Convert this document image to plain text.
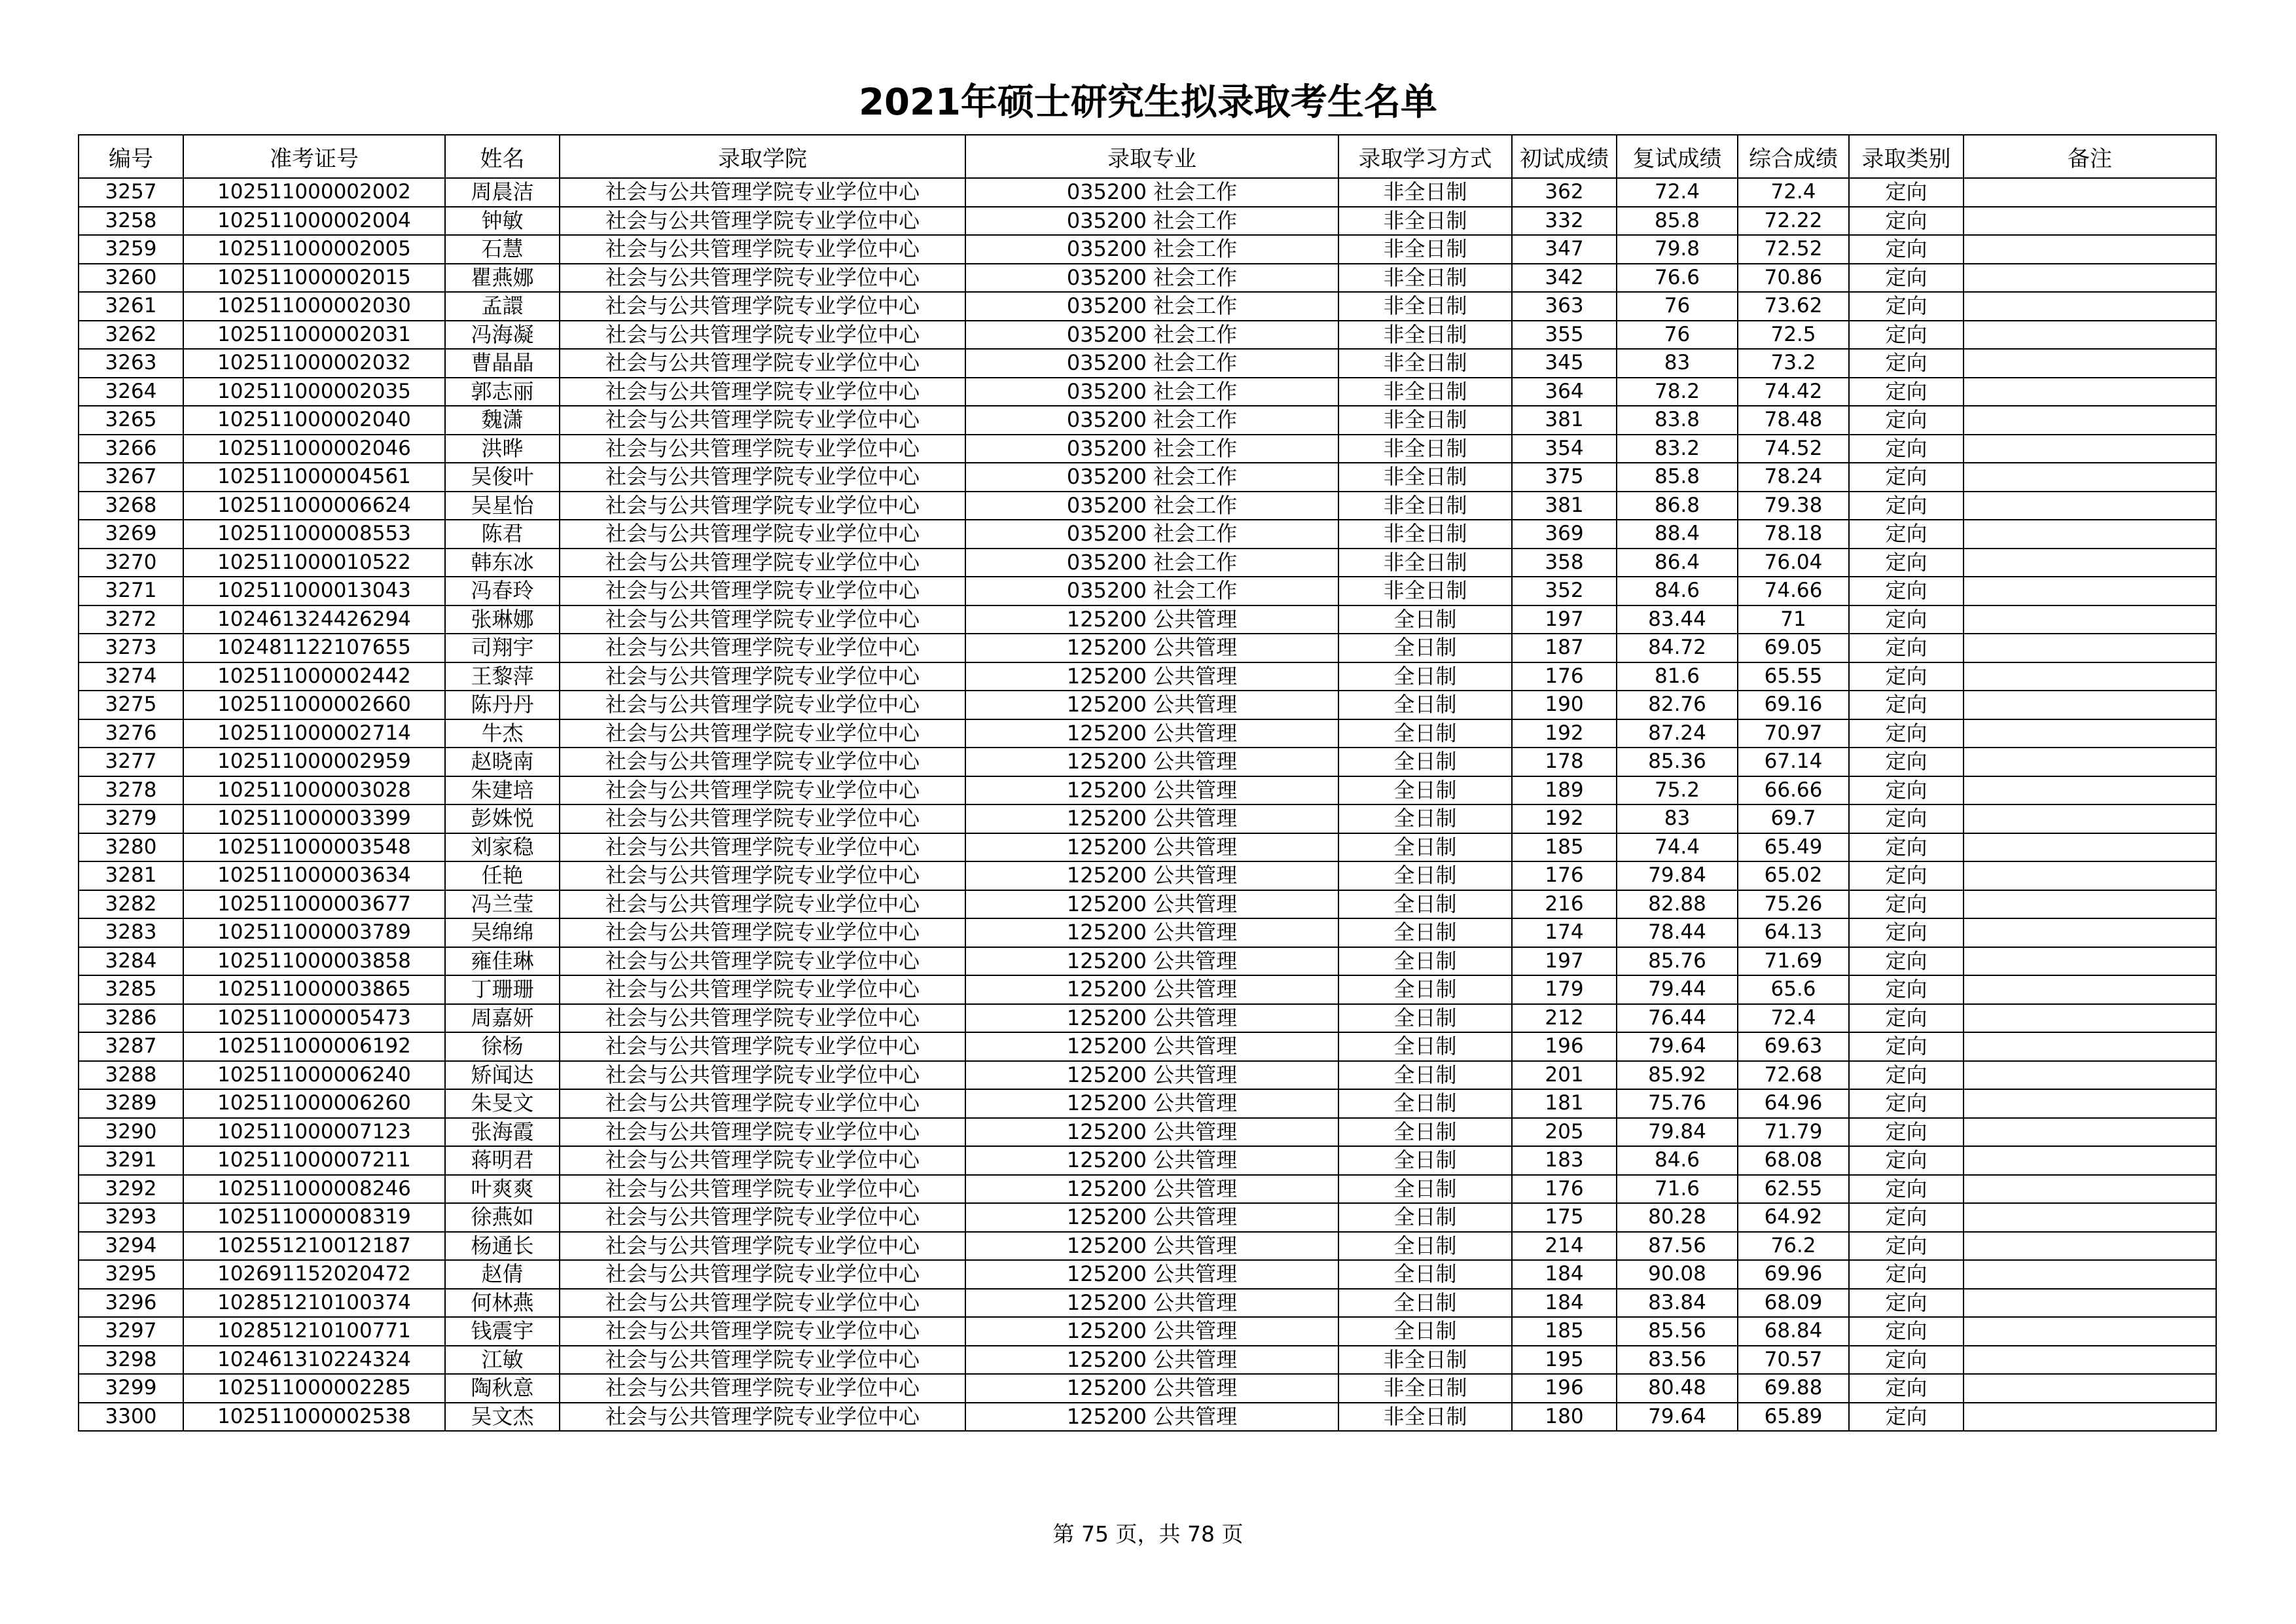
2021年硕士研究生拟录取考生名单
编号	准考证号	姓名	录取学院	录取专业	录取学习方式	初试成绩	复试成绩	综合成绩	录取类别	备注
3257	102511000002002	周晨洁	社会与公共管理学院专业学位中心	035200 社会工作	非全日制	362	72.4	72.4	定向	
3258	102511000002004	钟敏	社会与公共管理学院专业学位中心	035200 社会工作	非全日制	332	85.8	72.22	定向	
3259	102511000002005	石慧	社会与公共管理学院专业学位中心	035200 社会工作	非全日制	347	79.8	72.52	定向	
3260	102511000002015	瞿燕娜	社会与公共管理学院专业学位中心	035200 社会工作	非全日制	342	76.6	70.86	定向	
3261	102511000002030	孟譞	社会与公共管理学院专业学位中心	035200 社会工作	非全日制	363	76	73.62	定向	
3262	102511000002031	冯海凝	社会与公共管理学院专业学位中心	035200 社会工作	非全日制	355	76	72.5	定向	
3263	102511000002032	曹晶晶	社会与公共管理学院专业学位中心	035200 社会工作	非全日制	345	83	73.2	定向	
3264	102511000002035	郭志丽	社会与公共管理学院专业学位中心	035200 社会工作	非全日制	364	78.2	74.42	定向	
3265	102511000002040	魏潇	社会与公共管理学院专业学位中心	035200 社会工作	非全日制	381	83.8	78.48	定向	
3266	102511000002046	洪晔	社会与公共管理学院专业学位中心	035200 社会工作	非全日制	354	83.2	74.52	定向	
3267	102511000004561	吴俊叶	社会与公共管理学院专业学位中心	035200 社会工作	非全日制	375	85.8	78.24	定向	
3268	102511000006624	吴星怡	社会与公共管理学院专业学位中心	035200 社会工作	非全日制	381	86.8	79.38	定向	
3269	102511000008553	陈君	社会与公共管理学院专业学位中心	035200 社会工作	非全日制	369	88.4	78.18	定向	
3270	102511000010522	韩东冰	社会与公共管理学院专业学位中心	035200 社会工作	非全日制	358	86.4	76.04	定向	
3271	102511000013043	冯春玲	社会与公共管理学院专业学位中心	035200 社会工作	非全日制	352	84.6	74.66	定向	
3272	102461324426294	张琳娜	社会与公共管理学院专业学位中心	125200 公共管理	全日制	197	83.44	71	定向	
3273	102481122107655	司翔宇	社会与公共管理学院专业学位中心	125200 公共管理	全日制	187	84.72	69.05	定向	
3274	102511000002442	王黎萍	社会与公共管理学院专业学位中心	125200 公共管理	全日制	176	81.6	65.55	定向	
3275	102511000002660	陈丹丹	社会与公共管理学院专业学位中心	125200 公共管理	全日制	190	82.76	69.16	定向	
3276	102511000002714	牛杰	社会与公共管理学院专业学位中心	125200 公共管理	全日制	192	87.24	70.97	定向	
3277	102511000002959	赵晓南	社会与公共管理学院专业学位中心	125200 公共管理	全日制	178	85.36	67.14	定向	
3278	102511000003028	朱建培	社会与公共管理学院专业学位中心	125200 公共管理	全日制	189	75.2	66.66	定向	
3279	102511000003399	彭姝悦	社会与公共管理学院专业学位中心	125200 公共管理	全日制	192	83	69.7	定向	
3280	102511000003548	刘家稳	社会与公共管理学院专业学位中心	125200 公共管理	全日制	185	74.4	65.49	定向	
3281	102511000003634	任艳	社会与公共管理学院专业学位中心	125200 公共管理	全日制	176	79.84	65.02	定向	
3282	102511000003677	冯兰莹	社会与公共管理学院专业学位中心	125200 公共管理	全日制	216	82.88	75.26	定向	
3283	102511000003789	吴绵绵	社会与公共管理学院专业学位中心	125200 公共管理	全日制	174	78.44	64.13	定向	
3284	102511000003858	雍佳琳	社会与公共管理学院专业学位中心	125200 公共管理	全日制	197	85.76	71.69	定向	
3285	102511000003865	丁珊珊	社会与公共管理学院专业学位中心	125200 公共管理	全日制	179	79.44	65.6	定向	
3286	102511000005473	周嘉妍	社会与公共管理学院专业学位中心	125200 公共管理	全日制	212	76.44	72.4	定向	
3287	102511000006192	徐杨	社会与公共管理学院专业学位中心	125200 公共管理	全日制	196	79.64	69.63	定向	
3288	102511000006240	矫闻达	社会与公共管理学院专业学位中心	125200 公共管理	全日制	201	85.92	72.68	定向	
3289	102511000006260	朱旻文	社会与公共管理学院专业学位中心	125200 公共管理	全日制	181	75.76	64.96	定向	
3290	102511000007123	张海霞	社会与公共管理学院专业学位中心	125200 公共管理	全日制	205	79.84	71.79	定向	
3291	102511000007211	蒋明君	社会与公共管理学院专业学位中心	125200 公共管理	全日制	183	84.6	68.08	定向	
3292	102511000008246	叶爽爽	社会与公共管理学院专业学位中心	125200 公共管理	全日制	176	71.6	62.55	定向	
3293	102511000008319	徐燕如	社会与公共管理学院专业学位中心	125200 公共管理	全日制	175	80.28	64.92	定向	
3294	102551210012187	杨通长	社会与公共管理学院专业学位中心	125200 公共管理	全日制	214	87.56	76.2	定向	
3295	102691152020472	赵倩	社会与公共管理学院专业学位中心	125200 公共管理	全日制	184	90.08	69.96	定向	
3296	102851210100374	何林燕	社会与公共管理学院专业学位中心	125200 公共管理	全日制	184	83.84	68.09	定向	
3297	102851210100771	钱震宇	社会与公共管理学院专业学位中心	125200 公共管理	全日制	185	85.56	68.84	定向	
3298	102461310224324	江敏	社会与公共管理学院专业学位中心	125200 公共管理	非全日制	195	83.56	70.57	定向	
3299	102511000002285	陶秋意	社会与公共管理学院专业学位中心	125200 公共管理	非全日制	196	80.48	69.88	定向	
3300	102511000002538	吴文杰	社会与公共管理学院专业学位中心	125200 公共管理	非全日制	180	79.64	65.89	定向	
第 75 页，共 78 页
